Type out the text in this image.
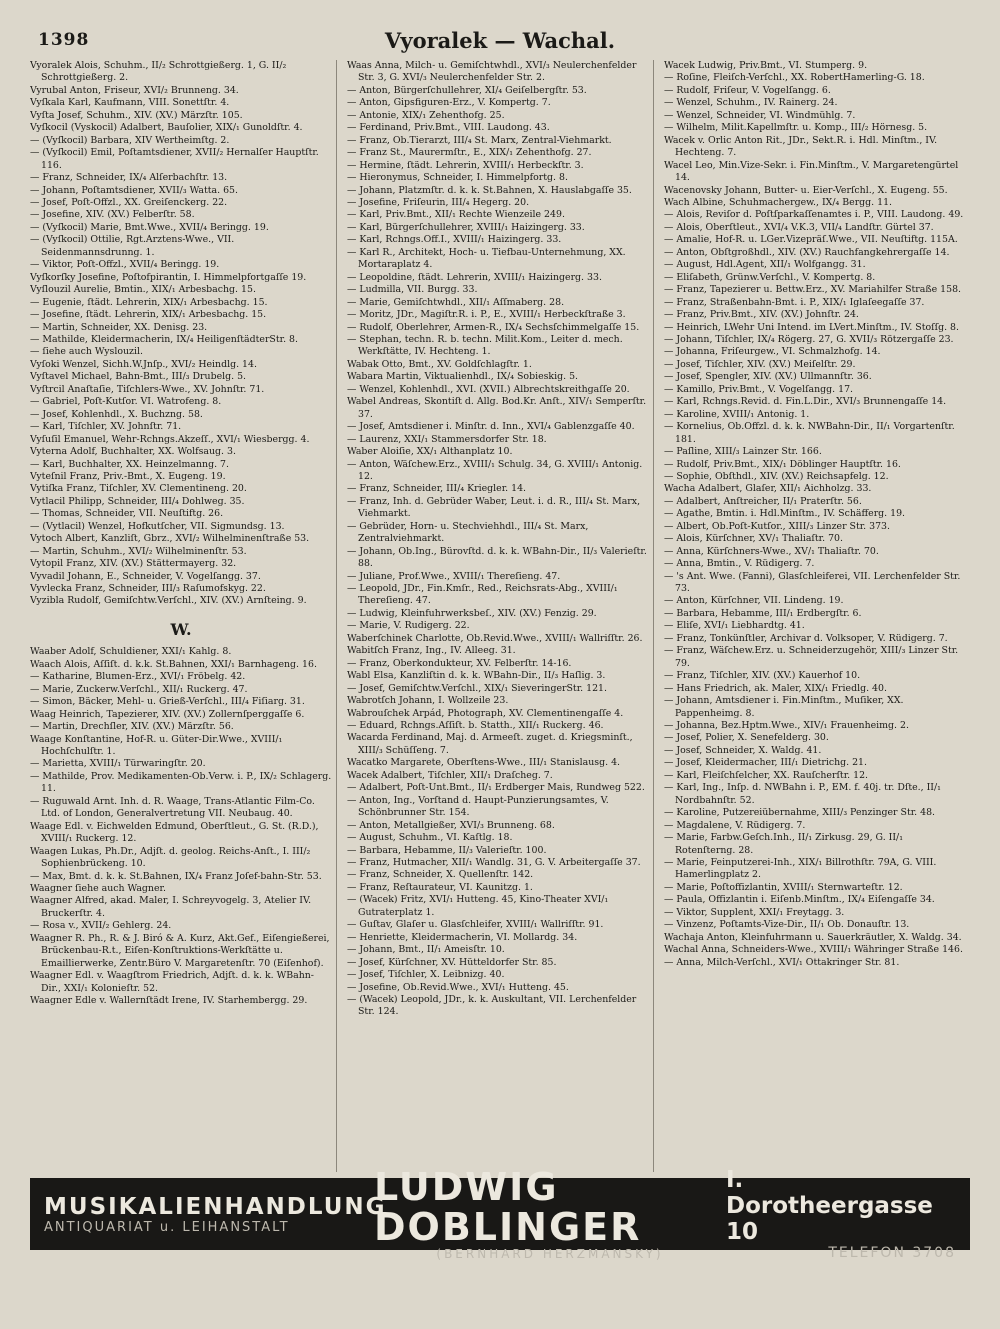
1398	Vyoralek — Wachal.

Vyoralek Alois, Schuhm., II/₂ Schrottgießerg. 1, G. II/₂ Schrottgießerg. 2.

Vyrubal Anton, Friseur, XVI/₂ Brunneng. 34.

Vyſkala Karl, Kaufmann, VIII. Sonettſtr. 4.

Vyſta Josef, Schuhm., XIV. (XV.) Märzſtr. 105.

Vyſkocil (Vyskocil) Adalbert, Bauſolier, XIX/₁ Gunoldſtr. 4.

— (Vyſkocil) Barbara, XIV Wertheimſtg. 2.

— (Vyſkocil) Emil, Poſtamtsdiener, XVII/₂ Hernalſer Hauptſtr. 116.

— Franz, Schneider, IX/₄ Alſerbachſtr. 13.

— Johann, Poſtamtsdiener, XVII/₃ Watta. 65.

— Josef, Poſt-Offzl., XX. Greiſenckerg. 22.

— Josefine, XIV. (XV.) Felberſtr. 58.

— (Vyſkocil) Marie, Bmt.Wwe., XVII/₄ Beringg. 19.

— (Vyſkocil) Ottilie, Rgt.Arztens-Wwe., VII. Seidenmannsdrunng. 1.

— Viktor, Poſt-Offzl., XVII/₄ Beringg. 19.

Vyſkorſky Josefine, Poſtofpirantin, I. Himmelpfortgaſſe 19.

Vyſlouzil Aurelie, Bmtin., XIX/₁ Arbesbachg. 15.

— Eugenie, ſtädt. Lehrerin, XIX/₁ Arbesbachg. 15.

— Josefine, ſtädt. Lehrerin, XIX/₁ Arbesbachg. 15.

— Martin, Schneider, XX. Denisg. 23.

— Mathilde, Kleidermacherin, IX/₄ HeiligenſtädterStr. 8.

— ſiehe auch Wyslouzil.

Vyſoki Wenzel, Sichh.W.Jnſp., XVI/₂ Heindlg. 14.

Vyſtavel Michael, Bahn-Bmt., III/₃ Drubelg. 5.

Vyſtrcil Anaſtaſie, Tiſchlers-Wwe., XV. Johnſtr. 71.

— Gabriel, Poſt-Kutſor. VI. Watrofeng. 8.

— Josef, Kohlenhdl., X. Buchzng. 58.

— Karl, Tiſchler, XV. Johnſtr. 71.

Vyſuſil Emanuel, Wehr-Rchngs.Akzeſſ., XVI/₁ Wiesbergg. 4.

Vyterna Adolf, Buchhalter, XX. Wolfsaug. 3.

— Karl, Buchhalter, XX. Heinzelmanng. 7.

Vyteſnil Franz, Priv.-Bmt., X. Eugeng. 19.

Vytiſka Franz, Tiſchler, XV. Clementineng. 20.

Vytlacil Philipp, Schneider, III/₄ Dohlweg. 35.

— Thomas, Schneider, VII. Neuſtiftg. 26.

— (Vytlacil) Wenzel, Hofkutſcher, VII. Sigmundsg. 13.

Vytoch Albert, Kanzliſt, Gbrz., XVI/₂ Wilhelminenſtraße 53.

— Martin, Schuhm., XVI/₂ Wilhelminenſtr. 53.

Vytopil Franz, XIV. (XV.) Stättermayerg. 32.

Vyvadil Johann, E., Schneider, V. Vogelſangg. 37.

Vyvlecka Franz, Schneider, III/₃ Raſumofskyg. 22.

Vyzibla Rudolf, Gemiſchtw.Verſchl., XIV. (XV.) Arnſteing. 9.

W.

Waaber Adolf, Schuldiener, XXI/₁ Kahlg. 8.

Waach Alois, Aſſiſt. d. k.k. St.Bahnen, XXI/₁ Barnhageng. 16.

— Katharine, Blumen-Erz., XVI/₁ Fröbelg. 42.

— Marie, Zuckerw.Verſchl., XII/₁ Ruckerg. 47.

— Simon, Bäcker, Mehl- u. Grieß-Verſchl., III/₄ Fiſiarg. 31.

Waag Heinrich, Tapezierer, XIV. (XV.) Zollernſperggaſſe 6.

— Martin, Drechſler, XIV. (XV.) Märzſtr. 56.

Waage Konſtantine, Hof-R. u. Güter-Dir.Wwe., XVIII/₁ Hochſchulſtr. 1.

— Marietta, XVIII/₁ Türwaringſtr. 20.

— Mathilde, Prov. Medikamenten-Ob.Verw. i. P., IX/₂ Schlagerg. 11.

— Ruguwald Arnt. Inh. d. R. Waage, Trans-Atlantic Film-Co. Ltd. of London, Generalvertretung VII. Neubaug. 40.

Waage Edl. v. Eichwelden Edmund, Oberſtleut., G. St. (R.D.), XVIII/₁ Ruckerg. 12.

Waagen Lukas, Ph.Dr., Adjſt. d. geolog. Reichs-Anſt., I. III/₂ Sophienbrückeng. 10.

— Max, Bmt. d. k. k. St.Bahnen, IX/₄ Franz Joſef-bahn-Str. 53.

Waagner ſiehe auch Wagner.

Waagner Alfred, akad. Maler, I. Schreyvogelg. 3, Atelier IV. Bruckerſtr. 4.

— Rosa v., XVII/₂ Gehlerg. 24.

Waagner R. Ph., R. & J. Biró & A. Kurz, Akt.Gef., Eiſengießerei, Brückenbau-R.t., Eiſen-Konſtruktions-Werkſtätte u. Emaillierwerke, Zentr.Büro V. Margaretenſtr. 70 (Eiſenhof).

Waagner Edl. v. Waagſtrom Friedrich, Adjſt. d. k. k. WBahn-Dir., XXI/₁ Kolonieſtr. 52.

Waagner Edle v. Wallernſtädt Irene, IV. Starhembergg. 29.

Waas Anna, Milch- u. Gemiſchtwhdl., XVI/₃ Neulerchenfelder Str. 3, G. XVI/₃ Neulerchenfelder Str. 2.

— Anton, Bürgerſchullehrer, XI/₄ Geiſelbergſtr. 53.

— Anton, Gipsfiguren-Erz., V. Kompertg. 7.

— Antonie, XIX/₁ Zehenthofg. 25.

— Ferdinand, Priv.Bmt., VIII. Laudong. 43.

— Franz, Ob.Tierarzt, III/₄ St. Marx, Zentral-Viehmarkt.

— Franz St., Maurermſtr., E., XIX/₁ Zehenthofg. 27.

— Hermine, ſtädt. Lehrerin, XVIII/₁ Herbeckſtr. 3.

— Hieronymus, Schneider, I. Himmelpfortg. 8.

— Johann, Platzmſtr. d. k. k. St.Bahnen, X. Hauslabgaſſe 35.

— Josefine, Friſeurin, III/₄ Hegerg. 20.

— Karl, Priv.Bmt., XII/₁ Rechte Wienzeile 249.

— Karl, Bürgerſchullehrer, XVIII/₁ Haizingerg. 33.

— Karl, Rchngs.Off.I., XVIII/₁ Haizingerg. 33.

— Karl R., Architekt, Hoch- u. Tiefbau-Unternehmung, XX. Mortaraplatz 4.

— Leopoldine, ſtädt. Lehrerin, XVIII/₁ Haizingerg. 33.

— Ludmilla, VII. Burgg. 33.

— Marie, Gemiſchtwhdl., XII/₁ Aſſmaberg. 28.

— Moritz, JDr., Magiſtr.R. i. P., E., XVIII/₁ Herbeckſtraße 3.

— Rudolf, Oberlehrer, Armen-R., IX/₄ Sechsſchimmelgaſſe 15.

— Stephan, techn. R. b. techn. Milit.Kom., Leiter d. mech. Werkſtätte, IV. Hechteng. 1.

Wabak Otto, Bmt., XV. Goldſchlagſtr. 1.

Wabara Martin, Viktualienhdl., IX/₄ Sobieskig. 5.

— Wenzel, Kohlenhdl., XVI. (XVII.) Albrechtskreithgaſſe 20.

Wabel Andreas, Skontiſt d. Allg. Bod.Kr. Anſt., XIV/₁ Semperſtr. 37.

— Josef, Amtsdiener i. Minſtr. d. Inn., XVI/₄ Gablenzgaſſe 40.

— Laurenz, XXI/₁ Stammersdorfer Str. 18.

Waber Aloiſie, XX/₁ Althanplatz 10.

— Anton, Wäſchew.Erz., XVIII/₁ Schulg. 34, G. XVIII/₁ Antonig. 12.

— Franz, Schneider, III/₄ Kriegler. 14.

— Franz, Inh. d. Gebrüder Waber, Leut. i. d. R., III/₄ St. Marx, Viehmarkt.

— Gebrüder, Horn- u. Stechviehhdl., III/₄ St. Marx, Zentralviehmarkt.

— Johann, Ob.Ing., Bürovſtd. d. k. k. WBahn-Dir., II/₃ Valerieſtr. 88.

— Juliane, Prof.Wwe., XVIII/₁ Thereſieng. 47.

— Leopold, JDr., Fin.Kmſr., Red., Reichsrats-Abg., XVIII/₁ Thereſieng. 47.

— Ludwig, Kleinfuhrwerksbeſ., XIV. (XV.) Fenzig. 29.

— Marie, V. Rudigerg. 22.

Waberſchinek Charlotte, Ob.Revid.Wwe., XVIII/₁ Wallriſſtr. 26.

Wabitſch Franz, Ing., IV. Alleeg. 31.

— Franz, Oberkondukteur, XV. Felberſtr. 14-16.

Wabl Elsa, Kanzliſtin d. k. k. WBahn-Dir., II/₃ Haſlig. 3.

— Josef, Gemiſchtw.Verſchl., XIX/₁ SieveringerStr. 121.

Wabrotſch Johann, I. Wollzeile 23.

Wabrouſchek Arpád, Photograph, XV. Clementinengaſſe 4.

— Eduard, Rchngs.Aſſiſt. b. Statth., XII/₁ Ruckerg. 46.

Wacarda Ferdinand, Maj. d. Armeeſt. zuget. d. Kriegsminſt., XIII/₃ Schüſſeng. 7.

Wacatko Margarete, Oberſtens-Wwe., III/₁ Stanislausg. 4.

Wacek Adalbert, Tiſchler, XII/₁ Draſcheg. 7.

— Adalbert, Poſt-Unt.Bmt., II/₁ Erdberger Mais, Rundweg 522.

— Anton, Ing., Vorſtand d. Haupt-Punzierungsamtes, V. Schönbrunner Str. 154.

— Anton, Metallgießer, XVI/₃ Brunneng. 68.

— August, Schuhm., VI. Kaſtlg. 18.

— Barbara, Hebamme, II/₃ Valerieſtr. 100.

— Franz, Hutmacher, XII/₁ Wandlg. 31, G. V. Arbeitergaſſe 37.

— Franz, Schneider, X. Quellenſtr. 142.

— Franz, Reſtaurateur, VI. Kaunitzg. 1.

— (Wacek) Fritz, XVI/₁ Hutteng. 45, Kino-Theater XVI/₁ Gutraterplatz 1.

— Guſtav, Glaſer u. Glasſchleifer, XVIII/₁ Wallriſſtr. 91.

— Henriette, Kleidermacherin, VI. Mollardg. 34.

— Johann, Bmt., II/₁ Ameisſtr. 10.

— Josef, Kürſchner, XV. Hütteldorfer Str. 85.

— Josef, Tiſchler, X. Leibnizg. 40.

— Josefine, Ob.Revid.Wwe., XVI/₁ Hutteng. 45.

— (Wacek) Leopold, JDr., k. k. Auskultant, VII. Lerchenfelder Str. 124.

Wacek Ludwig, Priv.Bmt., VI. Stumperg. 9.

— Roſine, Fleiſch-Verſchl., XX. RobertHamerling-G. 18.

— Rudolf, Friſeur, V. Vogelſangg. 6.

— Wenzel, Schuhm., IV. Rainerg. 24.

— Wenzel, Schneider, VI. Windmühlg. 7.

— Wilhelm, Milit.Kapellmſtr. u. Komp., III/₂ Hörnesg. 5.

Wacek v. Orlic Anton Rit., JDr., Sekt.R. i. Hdl. Minſtm., IV. Hechteng. 7.

Wacel Leo, Min.Vize-Sekr. i. Fin.Minſtm., V. Margaretengürtel 14.

Wacenovsky Johann, Butter- u. Eier-Verſchl., X. Eugeng. 55.

Wach Albine, Schuhmachergew., IX/₄ Bergg. 11.

— Alois, Reviſor d. Poſtſparkaſſenamtes i. P., VIII. Laudong. 49.

— Alois, Oberſtleut., XVI/₄ V.K.3, VII/₄ Landſtr. Gürtel 37.

— Amalie, Hof-R. u. LGer.Vizepräſ.Wwe., VII. Neuſtiftg. 115A.

— Anton, Obſtgroßhdl., XIV. (XV.) Rauchfangkehrergaſſe 14.

— August, Hdl.Agent, XII/₁ Wolfgangg. 31.

— Eliſabeth, Grünw.Verſchl., V. Kompertg. 8.

— Franz, Tapezierer u. Bettw.Erz., XV. Mariahilfer Straße 158.

— Franz, Straßenbahn-Bmt. i. P., XIX/₁ Iglaſeegaſſe 37.

— Franz, Priv.Bmt., XIV. (XV.) Johnſtr. 24.

— Heinrich, LWehr Uni Intend. im LVert.Minſtm., IV. Stoſſg. 8.

— Johann, Tiſchler, IX/₄ Rögerg. 27, G. XVII/₃ Rötzergaſſe 23.

— Johanna, Friſeurgew., VI. Schmalzhofg. 14.

— Josef, Tiſchler, XIV. (XV.) Meiſelſtr. 29.

— Josef, Spengler, XIV. (XV.) Ullmannſtr. 36.

— Kamillo, Priv.Bmt., V. Vogelſangg. 17.

— Karl, Rchngs.Revid. d. Fin.L.Dir., XVI/₃ Brunnengaſſe 14.

— Karoline, XVIII/₁ Antonig. 1.

— Kornelius, Ob.Offzl. d. k. k. NWBahn-Dir., II/₁ Vorgartenſtr. 181.

— Paſline, XIII/₃ Lainzer Str. 166.

— Rudolf, Priv.Bmt., XIX/₁ Döblinger Hauptſtr. 16.

— Sophie, Obſthdl., XIV. (XV.) Reichsapfelg. 12.

Wacha Adalbert, Glaſer, XII/₁ Aichholzg. 33.

— Adalbert, Anſtreicher, II/₁ Praterſtr. 56.

— Agathe, Bmtin. i. Hdl.Minſtm., IV. Schäfferg. 19.

— Albert, Ob.Poſt-Kutſor., XIII/₃ Linzer Str. 373.

— Alois, Kürſchner, XV/₁ Thaliaſtr. 70.

— Anna, Kürſchners-Wwe., XV/₁ Thaliaſtr. 70.

— Anna, Bmtin., V. Rüdigerg. 7.

— 's Ant. Wwe. (Fanni), Glasſchleiferei, VII. Lerchenfelder Str. 73.

— Anton, Kürſchner, VII. Lindeng. 19.

— Barbara, Hebamme, III/₁ Erdbergſtr. 6.

— Eliſe, XVI/₁ Liebhardtg. 41.

— Franz, Tonkünſtler, Archivar d. Volksoper, V. Rüdigerg. 7.

— Franz, Wäſchew.Erz. u. Schneiderzugehör, XIII/₃ Linzer Str. 79.

— Franz, Tiſchler, XIV. (XV.) Kauerhof 10.

— Hans Friedrich, ak. Maler, XIX/₁ Friedlg. 40.

— Johann, Amtsdiener i. Fin.Minſtm., Muſiker, XX. Pappenheimg. 8.

— Johanna, Bez.Hptm.Wwe., XIV/₁ Frauenheimg. 2.

— Josef, Polier, X. Senefelderg. 30.

— Josef, Schneider, X. Waldg. 41.

— Josef, Kleidermacher, III/₁ Dietrichg. 21.

— Karl, Fleiſchſelcher, XX. Rauſcherſtr. 12.

— Karl, Ing., Inſp. d. NWBahn i. P., EM. f. 40j. tr. Dſte., II/₁ Nordbahnſtr. 52.

— Karoline, Putzereiübernahme, XIII/₃ Penzinger Str. 48.

— Magdalene, V. Rüdigerg. 7.

— Marie, Farbw.Geſch.Inh., II/₁ Zirkusg. 29, G. II/₁ Rotenſterng. 28.

— Marie, Feinputzerei-Inh., XIX/₁ Billrothſtr. 79A, G. VIII. Hamerlingplatz 2.

— Marie, Poſtoffizlantin, XVIII/₁ Sternwarteſtr. 12.

— Paula, Offizlantin i. Eiſenb.Minſtm., IX/₄ Eiſengaſſe 34.

— Viktor, Supplent, XXI/₁ Freytagg. 3.

— Vinzenz, Poſtamts-Vize-Dir., II/₁ Ob. Donauſtr. 13.

Wachaja Anton, Kleinfuhrmann u. Sauerkräutler, X. Waldg. 34.

Wachal Anna, Schneiders-Wwe., XVIII/₁ Währinger Straße 146.

— Anna, Milch-Verſchl., XVI/₁ Ottakringer Str. 81.

MUSIKALIENHANDLUNG
ANTIQUARIAT u. LEIHANSTALT
LUDWIG DOBLINGER
(BERNHARD HERZMANSKY)
I. Dorotheergasse 10
TELEFON 3708
